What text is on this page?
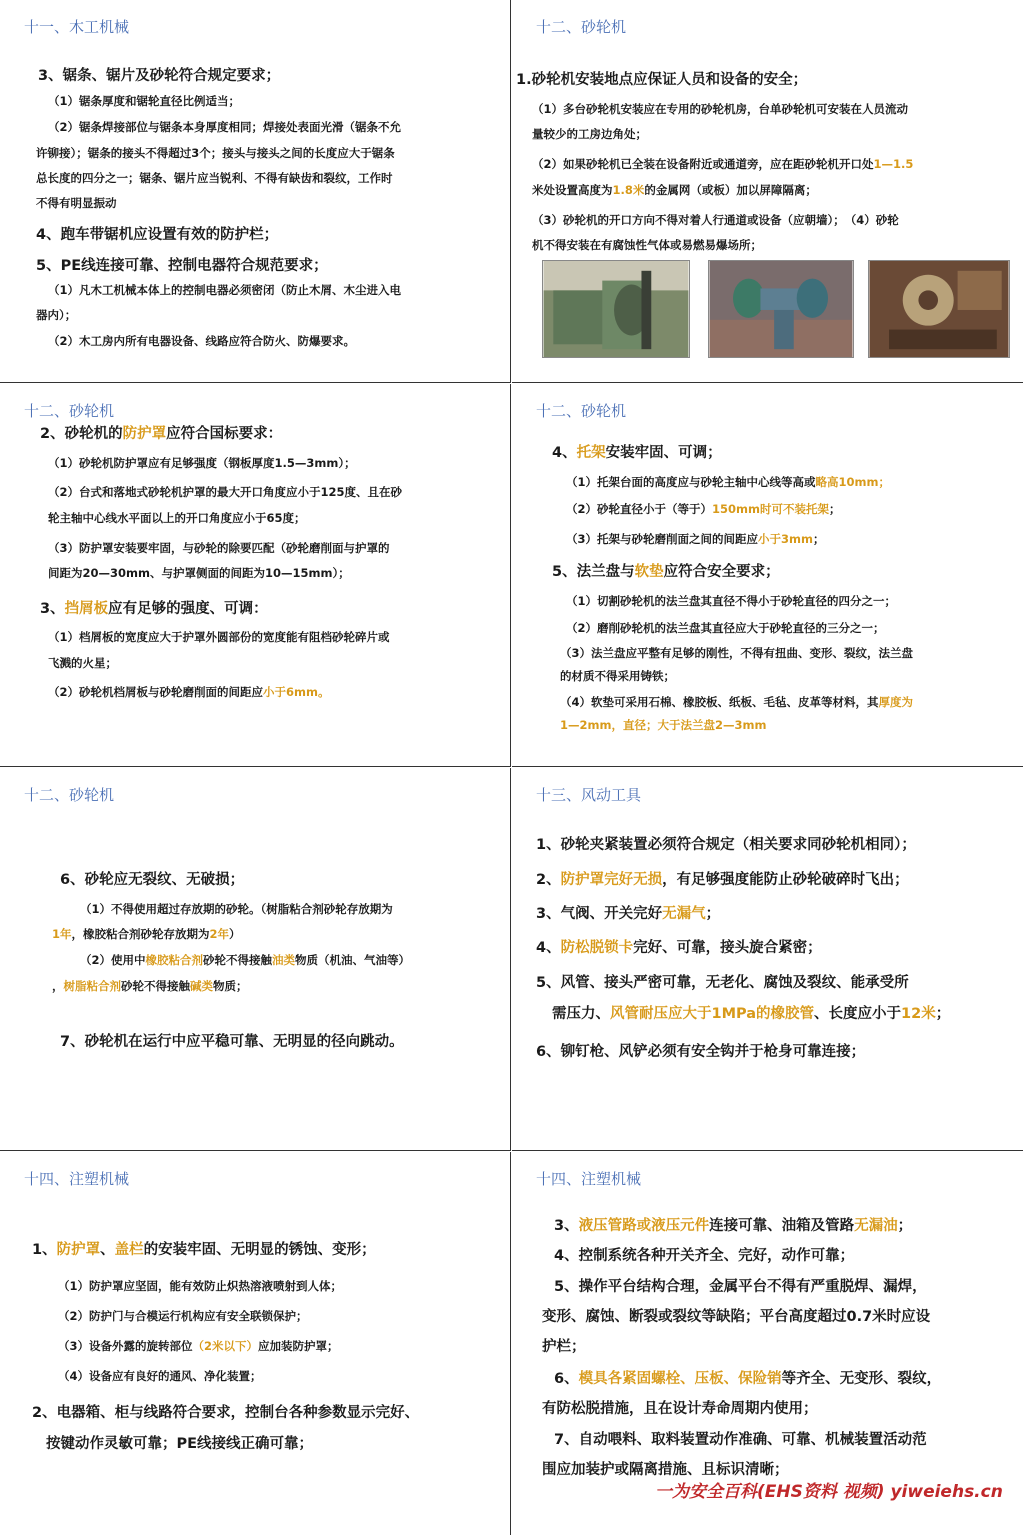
十一、木工机械
3、锯条、锯片及砂轮符合规定要求；
（1）锯条厚度和锯轮直径比例适当；
（2）锯条焊接部位与锯条本身厚度相同；焊接处表面光滑（锯条不允
许铆接）；锯条的接头不得超过3个；接头与接头之间的长度应大于锯条
总长度的四分之一；锯条、锯片应当锐利、不得有缺齿和裂纹，工作时
不得有明显振动
4、跑车带锯机应设置有效的防护栏；
5、PE线连接可靠、控制电器符合规范要求；
（1）凡木工机械本体上的控制电器必须密闭（防止木屑、木尘进入电
器内）；
（2）木工房内所有电器设备、线路应符合防火、防爆要求。
十二、砂轮机
1.砂轮机安装地点应保证人员和设备的安全；
（1）多台砂轮机安装应在专用的砂轮机房，台单砂轮机可安装在人员流动
量较少的工房边角处；
（2）如果砂轮机已全装在设备附近或通道旁，应在距砂轮机开口处1—1.5
米处设置高度为1.8米的金属网（或板）加以屏障隔离；
（3）砂轮机的开口方向不得对着人行通道或设备（应朝墙）；　（4）砂轮
机不得安装在有腐蚀性气体或易燃易爆场所；
十二、砂轮机
2、砂轮机的防护罩应符合国标要求：
（1）砂轮机防护罩应有足够强度（钢板厚度1.5—3mm）；
（2）台式和落地式砂轮机护罩的最大开口角度应小于125度、且在砂
轮主轴中心线水平面以上的开口角度应小于65度；
（3）防护罩安装要牢固，与砂轮的除要匹配（砂轮磨削面与护罩的
间距为20—30mm、与护罩侧面的间距为10—15mm）；
3、挡屑板应有足够的强度、可调：
（1）档屑板的宽度应大于护罩外圆部份的宽度能有阻档砂轮碎片或
飞溅的火星；
（2）砂轮机档屑板与砂轮磨削面的间距应小于6mm。
十二、砂轮机
4、托架安装牢固、可调；
（1）托架台面的高度应与砂轮主轴中心线等高或略高10mm；
（2）砂轮直径小于（等于）150mm时可不装托架；
（3）托架与砂轮磨削面之间的间距应小于3mm；
5、法兰盘与软垫应符合安全要求；
（1）切割砂轮机的法兰盘其直径不得小于砂轮直径的四分之一；
（2）磨削砂轮机的法兰盘其直径应大于砂轮直径的三分之一；
（3）法兰盘应平整有足够的刚性，不得有扭曲、变形、裂纹，法兰盘
的材质不得采用铸铁；
（4）软垫可采用石棉、橡胶板、纸板、毛毡、皮革等材料，其厚度为
1—2mm，直径；大于法兰盘2—3mm
十二、砂轮机
6、砂轮应无裂纹、无破损；
（1）不得使用超过存放期的砂轮。（树脂粘合剂砂轮存放期为
1年，橡胶粘合剂砂轮存放期为2年）
（2）使用中橡胶粘合剂砂轮不得接触油类物质（机油、气油等）
，树脂粘合剂砂轮不得接触碱类物质；
7、砂轮机在运行中应平稳可靠、无明显的径向跳动。
十三、风动工具
1、砂轮夹紧装置必须符合规定（相关要求同砂轮机相同）；
2、防护罩完好无损，有足够强度能防止砂轮破碎时飞出；
3、气阀、开关完好无漏气；
4、防松脱锁卡完好、可靠，接头旋合紧密；
5、风管、接头严密可靠，无老化、腐蚀及裂纹、能承受所
需压力、风管耐压应大于1MPa的橡胶管、长度应小于12米；
6、铆钉枪、风铲必须有安全钩并于枪身可靠连接；
十四、注塑机械
1、防护罩、盖栏的安装牢固、无明显的锈蚀、变形；
（1）防护罩应坚固，能有效防止炽热溶液喷射到人体；
（2）防护门与合模运行机构应有安全联锁保护；
（3）设备外露的旋转部位（2米以下）应加装防护罩；
（4）设备应有良好的通风、净化装置；
2、电器箱、柜与线路符合要求，控制台各种参数显示完好、
按键动作灵敏可靠；PE线接线正确可靠；
十四、注塑机械
3、液压管路或液压元件连接可靠、油箱及管路无漏油；
4、控制系统各种开关齐全、完好，动作可靠；
5、操作平台结构合理，金属平台不得有严重脱焊、漏焊，
变形、腐蚀、断裂或裂纹等缺陷；平台高度超过0.7米时应设
护栏；
6、模具各紧固螺栓、压板、保险销等齐全、无变形、裂纹，
有防松脱措施，且在设计寿命周期内使用；
7、自动喂料、取料装置动作准确、可靠、机械装置活动范
围应加装护或隔离措施、且标识清晰；
一为安全百科(EHS资料 视频) yiweiehs.cn
